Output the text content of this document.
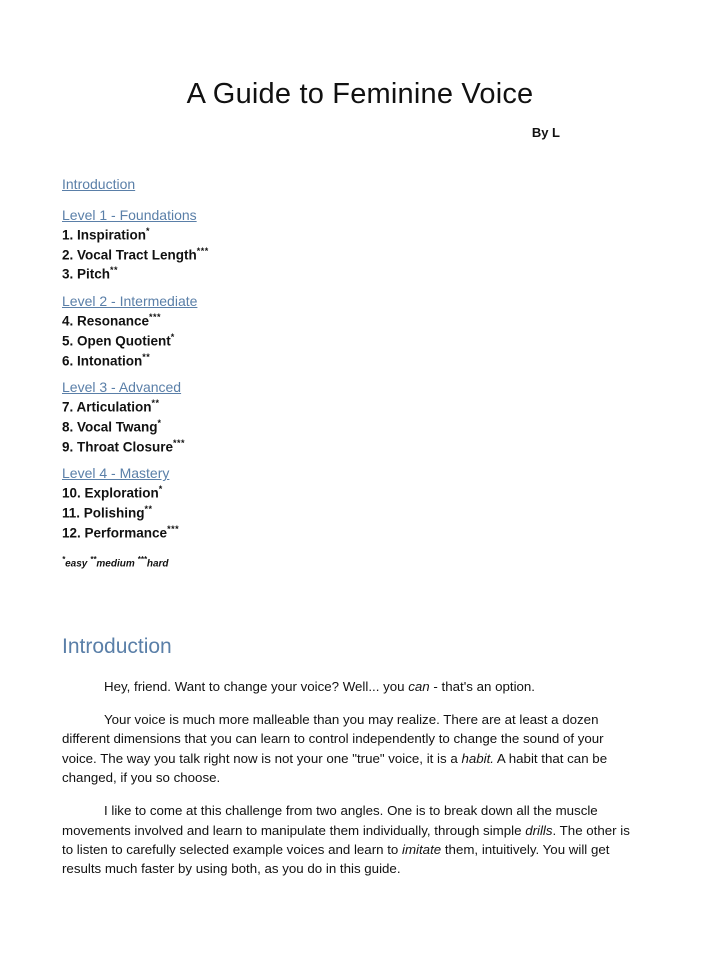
A Guide to Feminine Voice
By L
Introduction
Level 1 - Foundations
1. Inspiration*
2. Vocal Tract Length***
3. Pitch**
Level 2 - Intermediate
4. Resonance***
5. Open Quotient*
6. Intonation**
Level 3 - Advanced
7. Articulation**
8. Vocal Twang*
9. Throat Closure***
Level 4 - Mastery
10. Exploration*
11. Polishing**
12. Performance***
*easy **medium ***hard
Introduction

Hey, friend. Want to change your voice? Well... you can - that's an option.

Your voice is much more malleable than you may realize. There are at least a dozen different dimensions that you can learn to control independently to change the sound of your voice. The way you talk right now is not your one "true" voice, it is a habit. A habit that can be changed, if you so choose.

I like to come at this challenge from two angles. One is to break down all the muscle movements involved and learn to manipulate them individually, through simple drills. The other is to listen to carefully selected example voices and learn to imitate them, intuitively. You will get results much faster by using both, as you do in this guide.
